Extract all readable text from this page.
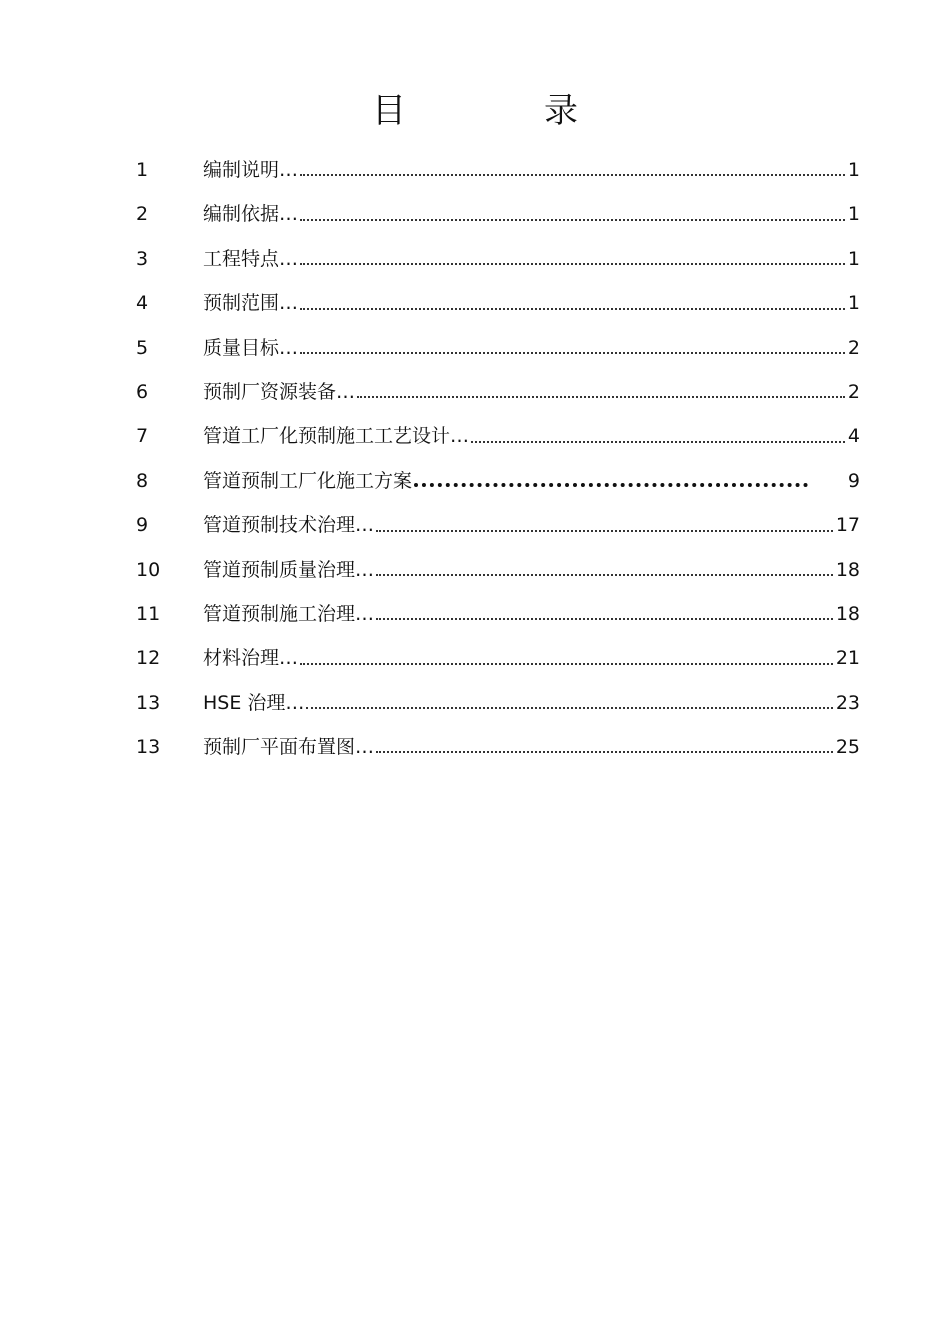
目　录
1	编制说明…	1
2	编制依据…	1
3	工程特点…	1
4	预制范围…	1
5	质量目标…	2
6	预制厂资源装备…	2
7	管道工厂化预制施工工艺设计…	4
8	管道预制工厂化施工方案	9
9	管道预制技术治理…	17
10	管道预制质量治理…	18
11	管道预制施工治理…	18
12	材料治理…	21
13	HSE 治理…	23
13	预制厂平面布置图…	25
